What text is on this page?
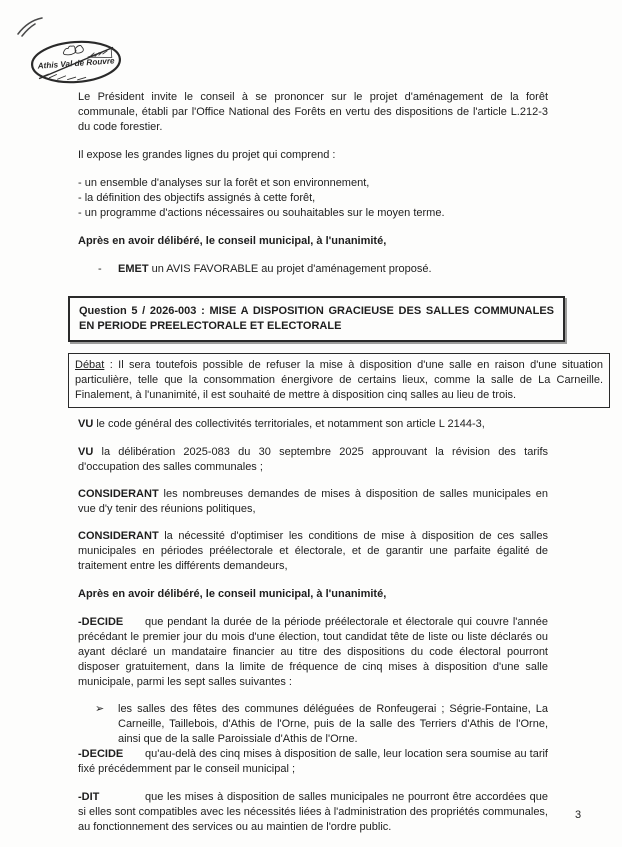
Athis Val de Rouvre
Le Président invite le conseil à se prononcer sur le projet d'aménagement de la forêt communale, établi par l'Office National des Forêts en vertu des dispositions de l'article L.212-3 du code forestier.
Il expose les grandes lignes du projet qui comprend :
- un ensemble d'analyses sur la forêt et son environnement,
- la définition des objectifs assignés à cette forêt,
- un programme d'actions nécessaires ou souhaitables sur le moyen terme.
Après en avoir délibéré, le conseil municipal, à l'unanimité,
- EMET un AVIS FAVORABLE au projet d'aménagement proposé.
Question 5 / 2026-003 : MISE A DISPOSITION GRACIEUSE DES SALLES COMMUNALES EN PERIODE PREELECTORALE ET ELECTORALE
Débat : Il sera toutefois possible de refuser la mise à disposition d'une salle en raison d'une situation particulière, telle que la consommation énergivore de certains lieux, comme la salle de La Carneille. Finalement, à l'unanimité, il est souhaité de mettre à disposition cinq salles au lieu de trois.
VU le code général des collectivités territoriales, et notamment son article L 2144-3,
VU la délibération 2025-083 du 30 septembre 2025 approuvant la révision des tarifs d'occupation des salles communales ;
CONSIDERANT les nombreuses demandes de mises à disposition de salles municipales en vue d'y tenir des réunions politiques,
CONSIDERANT la nécessité d'optimiser les conditions de mise à disposition de ces salles municipales en périodes préélectorale et électorale, et de garantir une parfaite égalité de traitement entre les différents demandeurs,
Après en avoir délibéré, le conseil municipal, à l'unanimité,
-DECIDE que pendant la durée de la période préélectorale et électorale qui couvre l'année précédant le premier jour du mois d'une élection, tout candidat tête de liste ou liste déclarés ou ayant déclaré un mandataire financier au titre des dispositions du code électoral pourront disposer gratuitement, dans la limite de fréquence de cinq mises à disposition d'une salle municipale, parmi les sept salles suivantes :
➢ les salles des fêtes des communes déléguées de Ronfeugerai ; Ségrie-Fontaine, La Carneille, Taillebois, d'Athis de l'Orne, puis de la salle des Terriers d'Athis de l'Orne, ainsi que de la salle Paroissiale d'Athis de l'Orne.
-DECIDE qu'au-delà des cinq mises à disposition de salle, leur location sera soumise au tarif fixé précédemment par le conseil municipal ;
-DIT	que les mises à disposition de salles municipales ne pourront être accordées que si elles sont compatibles avec les nécessités liées à l'administration des propriétés communales, au fonctionnement des services ou au maintien de l'ordre public.
3
